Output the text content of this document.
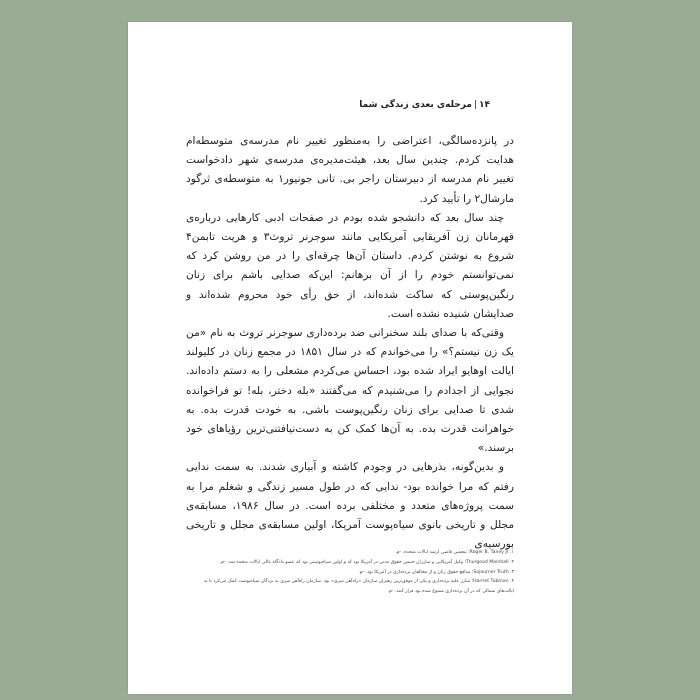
۱۴|مرحله‌ی بعدی زندگی شما

در پانزده‌سالگی، اعتراضی را به‌منظور تغییر نام مدرسه‌ی متوسطه‌ام هدایت کردم. چندین سال بعد، هیئت‌مدیره‌ی مدرسه‌ی شهر دادخواست تغییر نام مدرسه از دبیرستان راجر بی. تانی جونیور۱ به متوسطه‌ی ثرگود مارشال۲ را تأیید کرد.

چند سال بعد که دانشجو شده بودم در صفحات ادبی کارهایی درباره‌ی قهرمانان زن آفریقایی آمریکایی مانند سوجرنر تروث۳ و هریت تابمن۴ شروع به نوشتن کردم. داستان آن‌ها چرقه‌ای را در من روشن کرد که نمی‌توانستم خودم را از آن برهانم: این‌که صدایی باشم برای زنان رنگین‌پوستی که ساکت شده‌اند، از حق رأی خود محروم شده‌اند و صدایشان شنیده نشده است.

وقتی‌که با صدای بلند سخنرانی ضد برده‌داری سوجرنر تروث به نام «من یک زن نیستم؟» را می‌خواندم که در سال ۱۸۵۱ در مجمع زنان در کلیولند ایالت اوهایو ایراد شده بود، احساس می‌کردم مشعلی را به دستم داده‌اند. نجوایی از اجدادم را می‌شنیدم که می‌گفتند «بله دختر، بله! تو فراخوانده شدی تا صدایی برای زنان رنگین‌پوست باشی. به خودت قدرت بده. به خواهرانت قدرت بده. به آن‌ها کمک کن به دست‌نیافتنی‌ترین رؤیاهای خود برسند.»

و بدین‌گونه، بذرهایی در وجودم کاشته و آبیاری شدند. به سمت ندایی رفتم که مرا خوانده بود- ندایی که در طول مسیر زندگی و شغلم مرا به سمت پروژه‌های متعدد و مختلفی برده است. در سال ۱۹۸۶، مسابقه‌ی مجلل و تاریخی بانوی سیاه‌پوست آمریکا، اولین مسابقه‌ی مجلل و تاریخی بورسیه‌ی

۱. Roger B. Taney Jr؛ پنجمین قاضی ارشد ایالات متحده. -م.
۲. Thurgood Marshall؛ وکیل آمریکایی و مبارزان جنبش حقوق مدنی در آمریکا بود که و اولین سیاه‌پوستی بود که عضو دادگاه عالی ایالات متحده شد. -م.
۳. Sojourner Truth؛ مدافع حقوق زنان و از مخالفان برده‌داری در آمریکا بود. -م.
۴. Harriet Tubman؛ مبارز علیه برده‌داری و یکی از موفق‌ترین رهبران سازمان «راه‌آهن سری» بود. سازمان راه‌آهن سری به بردگان سیاه‌پوست کمک می‌کرد تا به
ایالت‌های شمالی که در آن برده‌داری ممنوع شده بود فرار کنند. -م.
